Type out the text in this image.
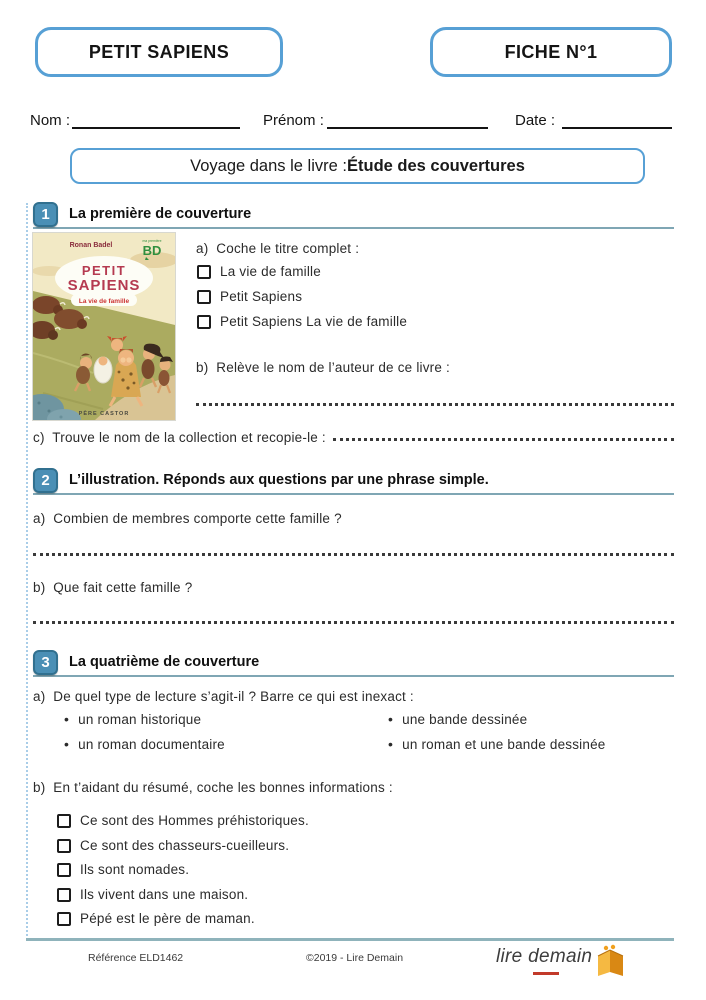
PETIT SAPIENS	FICHE N°1
Nom :	Prénom :	Date :
Voyage dans le livre : Étude des couvertures
1	La première de couverture
PETIT
SAPIENS
La vie de famille
Ronan Badel
ma première
BD
PÈRE CASTOR
a)  Coche le titre complet :
La vie de famille
Petit Sapiens
Petit Sapiens La vie de famille
b)  Relève le nom de l’auteur de ce livre :
c)  Trouve le nom de la collection et recopie-le :
2	L’illustration. Réponds aux questions par une phrase simple.
a)  Combien de membres comporte cette famille ?
b)  Que fait cette famille ?
3	La quatrième de couverture
a)  De quel type de lecture s’agit-il ? Barre ce qui est inexact :
• un roman historique
• un roman documentaire
• une bande dessinée
• un roman et une bande dessinée
b)  En t’aidant du résumé, coche les bonnes informations :
Ce sont des Hommes préhistoriques.
Ce sont des chasseurs-cueilleurs.
Ils sont nomades.
Ils vivent dans une maison.
Pépé est le père de maman.
Référence ELD1462	©2019 - Lire Demain	lire demain
